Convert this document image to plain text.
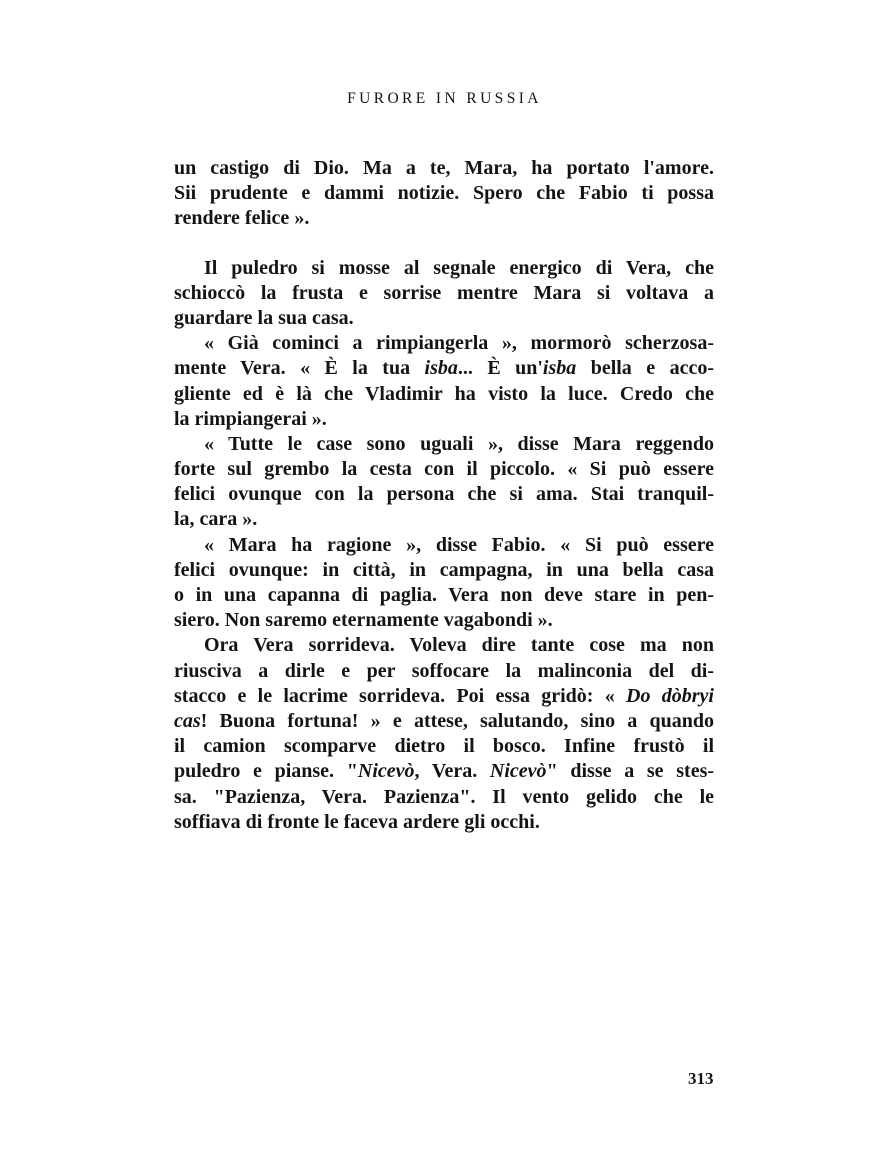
FURORE IN RUSSIA
un castigo di Dio. Ma a te, Mara, ha portato l'amore.
Sii prudente e dammi notizie. Spero che Fabio ti possa
rendere felice ».
Il puledro si mosse al segnale energico di Vera, che
schioccò la frusta e sorrise mentre Mara si voltava a
guardare la sua casa.
« Già cominci a rimpiangerla », mormorò scherzosa-
mente Vera. « È la tua isba... È un'isba bella e acco-
gliente ed è là che Vladimir ha visto la luce. Credo che
la rimpiangerai ».
« Tutte le case sono uguali », disse Mara reggendo
forte sul grembo la cesta con il piccolo. « Si può essere
felici ovunque con la persona che si ama. Stai tranquil-
la, cara ».
« Mara ha ragione », disse Fabio. « Si può essere
felici ovunque: in città, in campagna, in una bella casa
o in una capanna di paglia. Vera non deve stare in pen-
siero. Non saremo eternamente vagabondi ».
Ora Vera sorrideva. Voleva dire tante cose ma non
riusciva a dirle e per soffocare la malinconia del di-
stacco e le lacrime sorrideva. Poi essa gridò: « Do dòbryi
cas! Buona fortuna! » e attese, salutando, sino a quando
il camion scomparve dietro il bosco. Infine frustò il
puledro e pianse. "Nicevò, Vera. Nicevò" disse a se stes-
sa. "Pazienza, Vera. Pazienza". Il vento gelido che le
soffiava di fronte le faceva ardere gli occhi.
313
